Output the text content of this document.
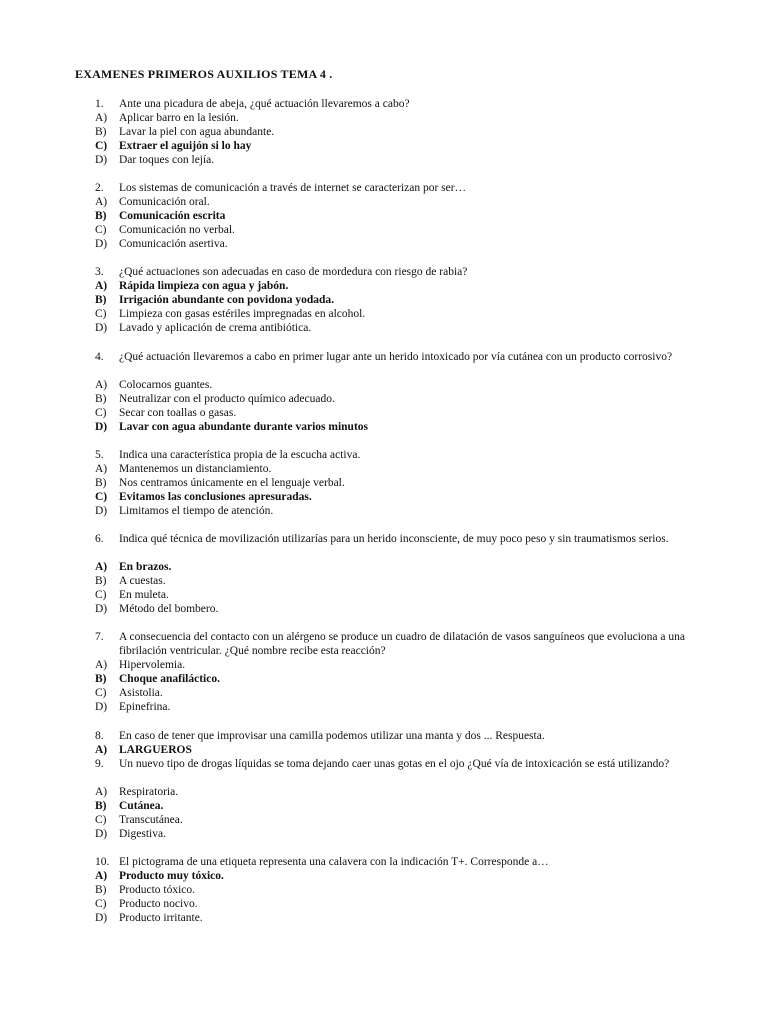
EXAMENES PRIMEROS AUXILIOS TEMA 4 .
1. Ante una picadura de abeja, ¿qué actuación llevaremos a cabo?
A) Aplicar barro en la lesión.
B) Lavar la piel con agua abundante.
C) Extraer el aguijón si lo hay
D) Dar toques con lejía.
2. Los sistemas de comunicación a través de internet se caracterizan por ser…
A) Comunicación oral.
B) Comunicación escrita
C) Comunicación no verbal.
D) Comunicación asertiva.
3. ¿Qué actuaciones son adecuadas en caso de mordedura con riesgo de rabia?
A) Rápida limpieza con agua y jabón.
B) Irrigación abundante con povidona yodada.
C) Limpieza con gasas estériles impregnadas en alcohol.
D) Lavado y aplicación de crema antibiótica.
4. ¿Qué actuación llevaremos a cabo en primer lugar ante un herido intoxicado por vía cutánea con un producto corrosivo?
A) Colocarnos guantes.
B) Neutralizar con el producto químico adecuado.
C) Secar con toallas o gasas.
D) Lavar con agua abundante durante varios minutos
5. Indica una característica propia de la escucha activa.
A) Mantenemos un distanciamiento.
B) Nos centramos únicamente en el lenguaje verbal.
C) Evitamos las conclusiones apresuradas.
D) Limitamos el tiempo de atención.
6. Indica qué técnica de movilización utilizarías para un herido inconsciente, de muy poco peso y sin traumatismos serios.
A) En brazos.
B) A cuestas.
C) En muleta.
D) Método del bombero.
7. A consecuencia del contacto con un alérgeno se produce un cuadro de dilatación de vasos sanguíneos que evoluciona a una fibrilación ventricular. ¿Qué nombre recibe esta reacción?
A) Hipervolemia.
B) Choque anafiláctico.
C) Asistolia.
D) Epinefrina.
8. En caso de tener que improvisar una camilla podemos utilizar una manta y dos ... Respuesta.
A) LARGUEROS
9. Un nuevo tipo de drogas líquidas se toma dejando caer unas gotas en el ojo ¿Qué vía de intoxicación se está utilizando?
A) Respiratoria.
B) Cutánea.
C) Transcutánea.
D) Digestiva.
10. El pictograma de una etiqueta representa una calavera con la indicación T+. Corresponde a…
A) Producto muy tóxico.
B) Producto tóxico.
C) Producto nocivo.
D) Producto irritante.
